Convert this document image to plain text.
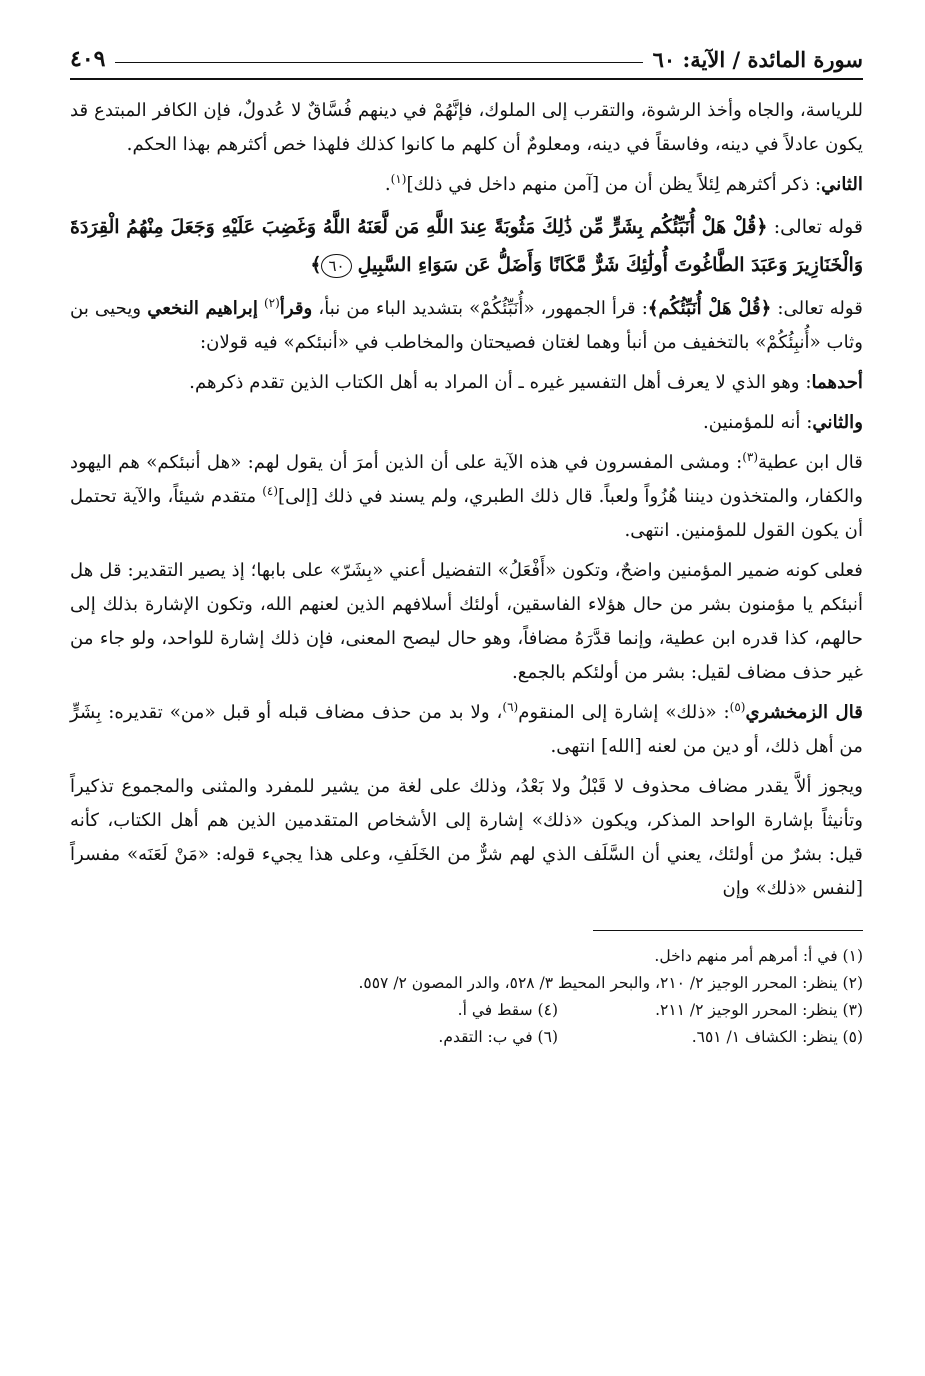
سورة المائدة / الآية: ٦٠
٤٠٩

للرياسة، والجاه وأخذ الرشوة، والتقرب إلى الملوك، فإنَّهُمْ في دينهم فُسَّاقٌ لا عُدولٌ، فإن الكافر المبتدع قد يكون عادلاً في دينه، وفاسقاً في دينه، ومعلومٌ أن كلهم ما كانوا كذلك فلهذا خص أكثرهم بهذا الحكم.

الثاني: ذكر أكثرهم لِئلاً يظن أن من [آمن منهم داخل في ذلك]$^{(١)}$.

قوله تعالى: ﴿قُلْ هَلْ أُنَبِّئُكُم بِشَرٍّ مِّن ذَٰلِكَ مَثُوبَةً عِندَ اللَّهِ مَن لَّعَنَهُ اللَّهُ وَغَضِبَ عَلَيْهِ وَجَعَلَ مِنْهُمُ الْقِرَدَةَ وَالْخَنَازِيرَ وَعَبَدَ الطَّاغُوتَ أُولَٰئِكَ شَرٌّ مَّكَانًا وَأَضَلُّ عَن سَوَاءِ السَّبِيلِ ٦٠﴾

قوله تعالى: ﴿قُلْ هَلْ أُنَبِّئُكُم﴾: قرأ الجمهور، «أُنَبِّئُكُمْ» بتشديد الباء من نبأ، وقرأ$^{(٢)}$ إبراهيم النخعي ويحيى بن وثاب «أُنبِئُكُمْ» بالتخفيف من أنبأ وهما لغتان فصيحتان والمخاطب في «أنبئكم» فيه قولان:

أحدهما: وهو الذي لا يعرف أهل التفسير غيره ـ أن المراد به أهل الكتاب الذين تقدم ذكرهم.

والثاني: أنه للمؤمنين.

قال ابن عطية$^{(٣)}$: ومشى المفسرون في هذه الآية على أن الذين أمرَ أن يقول لهم: «هل أنبئكم» هم اليهود والكفار، والمتخذون ديننا هُزُواً ولعباً. قال ذلك الطبري، ولم يسند في ذلك [إلى]$^{(٤)}$ متقدم شيئاً، والآية تحتمل أن يكون القول للمؤمنين. انتهى.

فعلى كونه ضمير المؤمنين واضحٌ، وتكون «أَفْعَلُ» التفضيل أعني «بِشَرّ» على بابها؛ إذ يصير التقدير: قل هل أنبئكم يا مؤمنون بشر من حال هؤلاء الفاسقين، أولئك أسلافهم الذين لعنهم الله، وتكون الإشارة بذلك إلى حالهم، كذا قدره ابن عطية، وإنما قدَّرَهُ مضافاً، وهو حال ليصح المعنى، فإن ذلك إشارة للواحد، ولو جاء من غير حذف مضاف لقيل: بشر من أولئكم بالجمع.

قال الزمخشري$^{(٥)}$: «ذلك» إشارة إلى المنقوم$^{(٦)}$، ولا بد من حذف مضاف قبله أو قبل «من» تقديره: بِشَرٍّ من أهل ذلك، أو دين من لعنه [الله] انتهى.

ويجوز ألاَّ يقدر مضاف محذوف لا قَبْلُ ولا بَعْدُ، وذلك على لغة من يشير للمفرد والمثنى والمجموع تذكيراً وتأنيثاً بإشارة الواحد المذكر، ويكون «ذلك» إشارة إلى الأشخاص المتقدمين الذين هم أهل الكتاب، كأنه قيل: بشرٌ من أولئك، يعني أن السَّلَف الذي لهم شرٌّ من الخَلَفِ، وعلى هذا يجيء قوله: «مَنْ لَعَنَه» مفسراً [لنفس «ذلك» وإن

(١) في أ: أمرهم أمر منهم داخل.
(٢) ينظر: المحرر الوجيز ٢/ ٢١٠، والبحر المحيط ٣/ ٥٢٨، والدر المصون ٢/ ٥٥٧.
(٣) ينظر: المحرر الوجيز ٢/ ٢١١.
(٤) سقط في أ.
(٥) ينظر: الكشاف ١/ ٦٥١.
(٦) في ب: التقدم.
